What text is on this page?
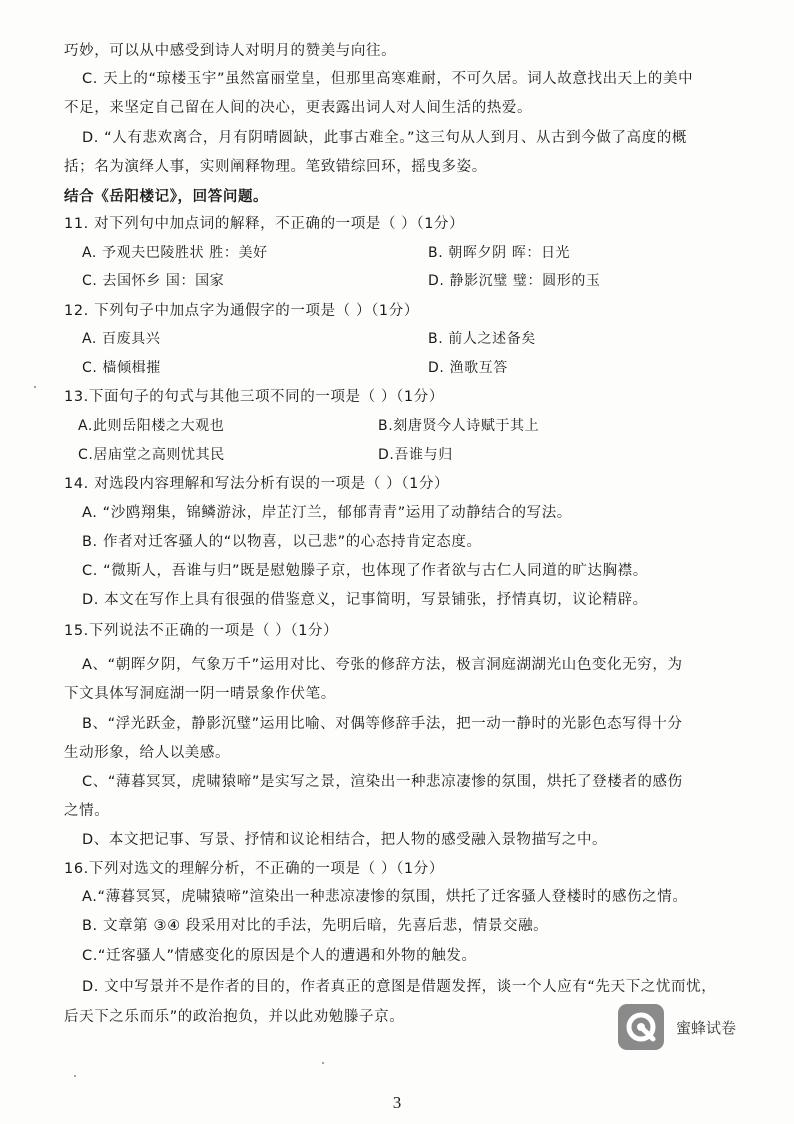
巧妙，可以从中感受到诗人对明月的赞美与向往。
C. 天上的“琼楼玉宇”虽然富丽堂皇，但那里高寒难耐，不可久居。词人故意找出天上的美中
不足，来坚定自己留在人间的决心，更表露出词人对人间生活的热爱。
D. “人有悲欢离合，月有阴晴圆缺，此事古难全。”这三句从人到月、从古到今做了高度的概
括；名为演绎人事，实则阐释物理。笔致错综回环，摇曳多姿。
结合《岳阳楼记》，回答问题。
11. 对下列句中加点词的解释，不正确的一项是（ ）（1分）
A. 予观夫巴陵胜状 胜：美好	B. 朝晖夕阴 晖：日光
C. 去国怀乡 国：国家	D. 静影沉璧 璧：圆形的玉
12. 下列句子中加点字为通假字的一项是（ ）（1分）
A. 百废具兴	B. 前人之述备矣
C. 樯倾楫摧	D. 渔歌互答
13.下面句子的句式与其他三项不同的一项是（ ）（1分）
A.此则岳阳楼之大观也	B.刻唐贤今人诗赋于其上
C.居庙堂之高则忧其民	D.吾谁与归
14. 对选段内容理解和写法分析有误的一项是（ ）（1分）
A. “沙鸥翔集，锦鳞游泳，岸芷汀兰，郁郁青青”运用了动静结合的写法。
B. 作者对迁客骚人的“以物喜，以己悲”的心态持肯定态度。
C. “微斯人，吾谁与归”既是慰勉滕子京，也体现了作者欲与古仁人同道的旷达胸襟。
D. 本文在写作上具有很强的借鉴意义，记事简明，写景铺张，抒情真切，议论精辟。
15.下列说法不正确的一项是（ ）（1分）
A、“朝晖夕阴，气象万千”运用对比、夸张的修辞方法，极言洞庭湖湖光山色变化无穷，为
下文具体写洞庭湖一阴一晴景象作伏笔。
B、“浮光跃金，静影沉璧”运用比喻、对偶等修辞手法，把一动一静时的光影色态写得十分
生动形象，给人以美感。
C、“薄暮冥冥，虎啸猿啼”是实写之景，渲染出一种悲凉凄惨的氛围，烘托了登楼者的感伤
之情。
D、本文把记事、写景、抒情和议论相结合，把人物的感受融入景物描写之中。
16.下列对选文的理解分析，不正确的一项是（ ）（1分）
A.“薄暮冥冥，虎啸猿啼”渲染出一种悲凉凄惨的氛围，烘托了迁客骚人登楼时的感伤之情。
B. 文章第 ③④ 段采用对比的手法，先明后暗，先喜后悲，情景交融。
C.“迁客骚人”情感变化的原因是个人的遭遇和外物的触发。
D. 文中写景并不是作者的目的，作者真正的意图是借题发挥，谈一个人应有“先天下之忧而忧，
后天下之乐而乐”的政治抱负，并以此劝勉滕子京。
蜜蜂试卷
3
